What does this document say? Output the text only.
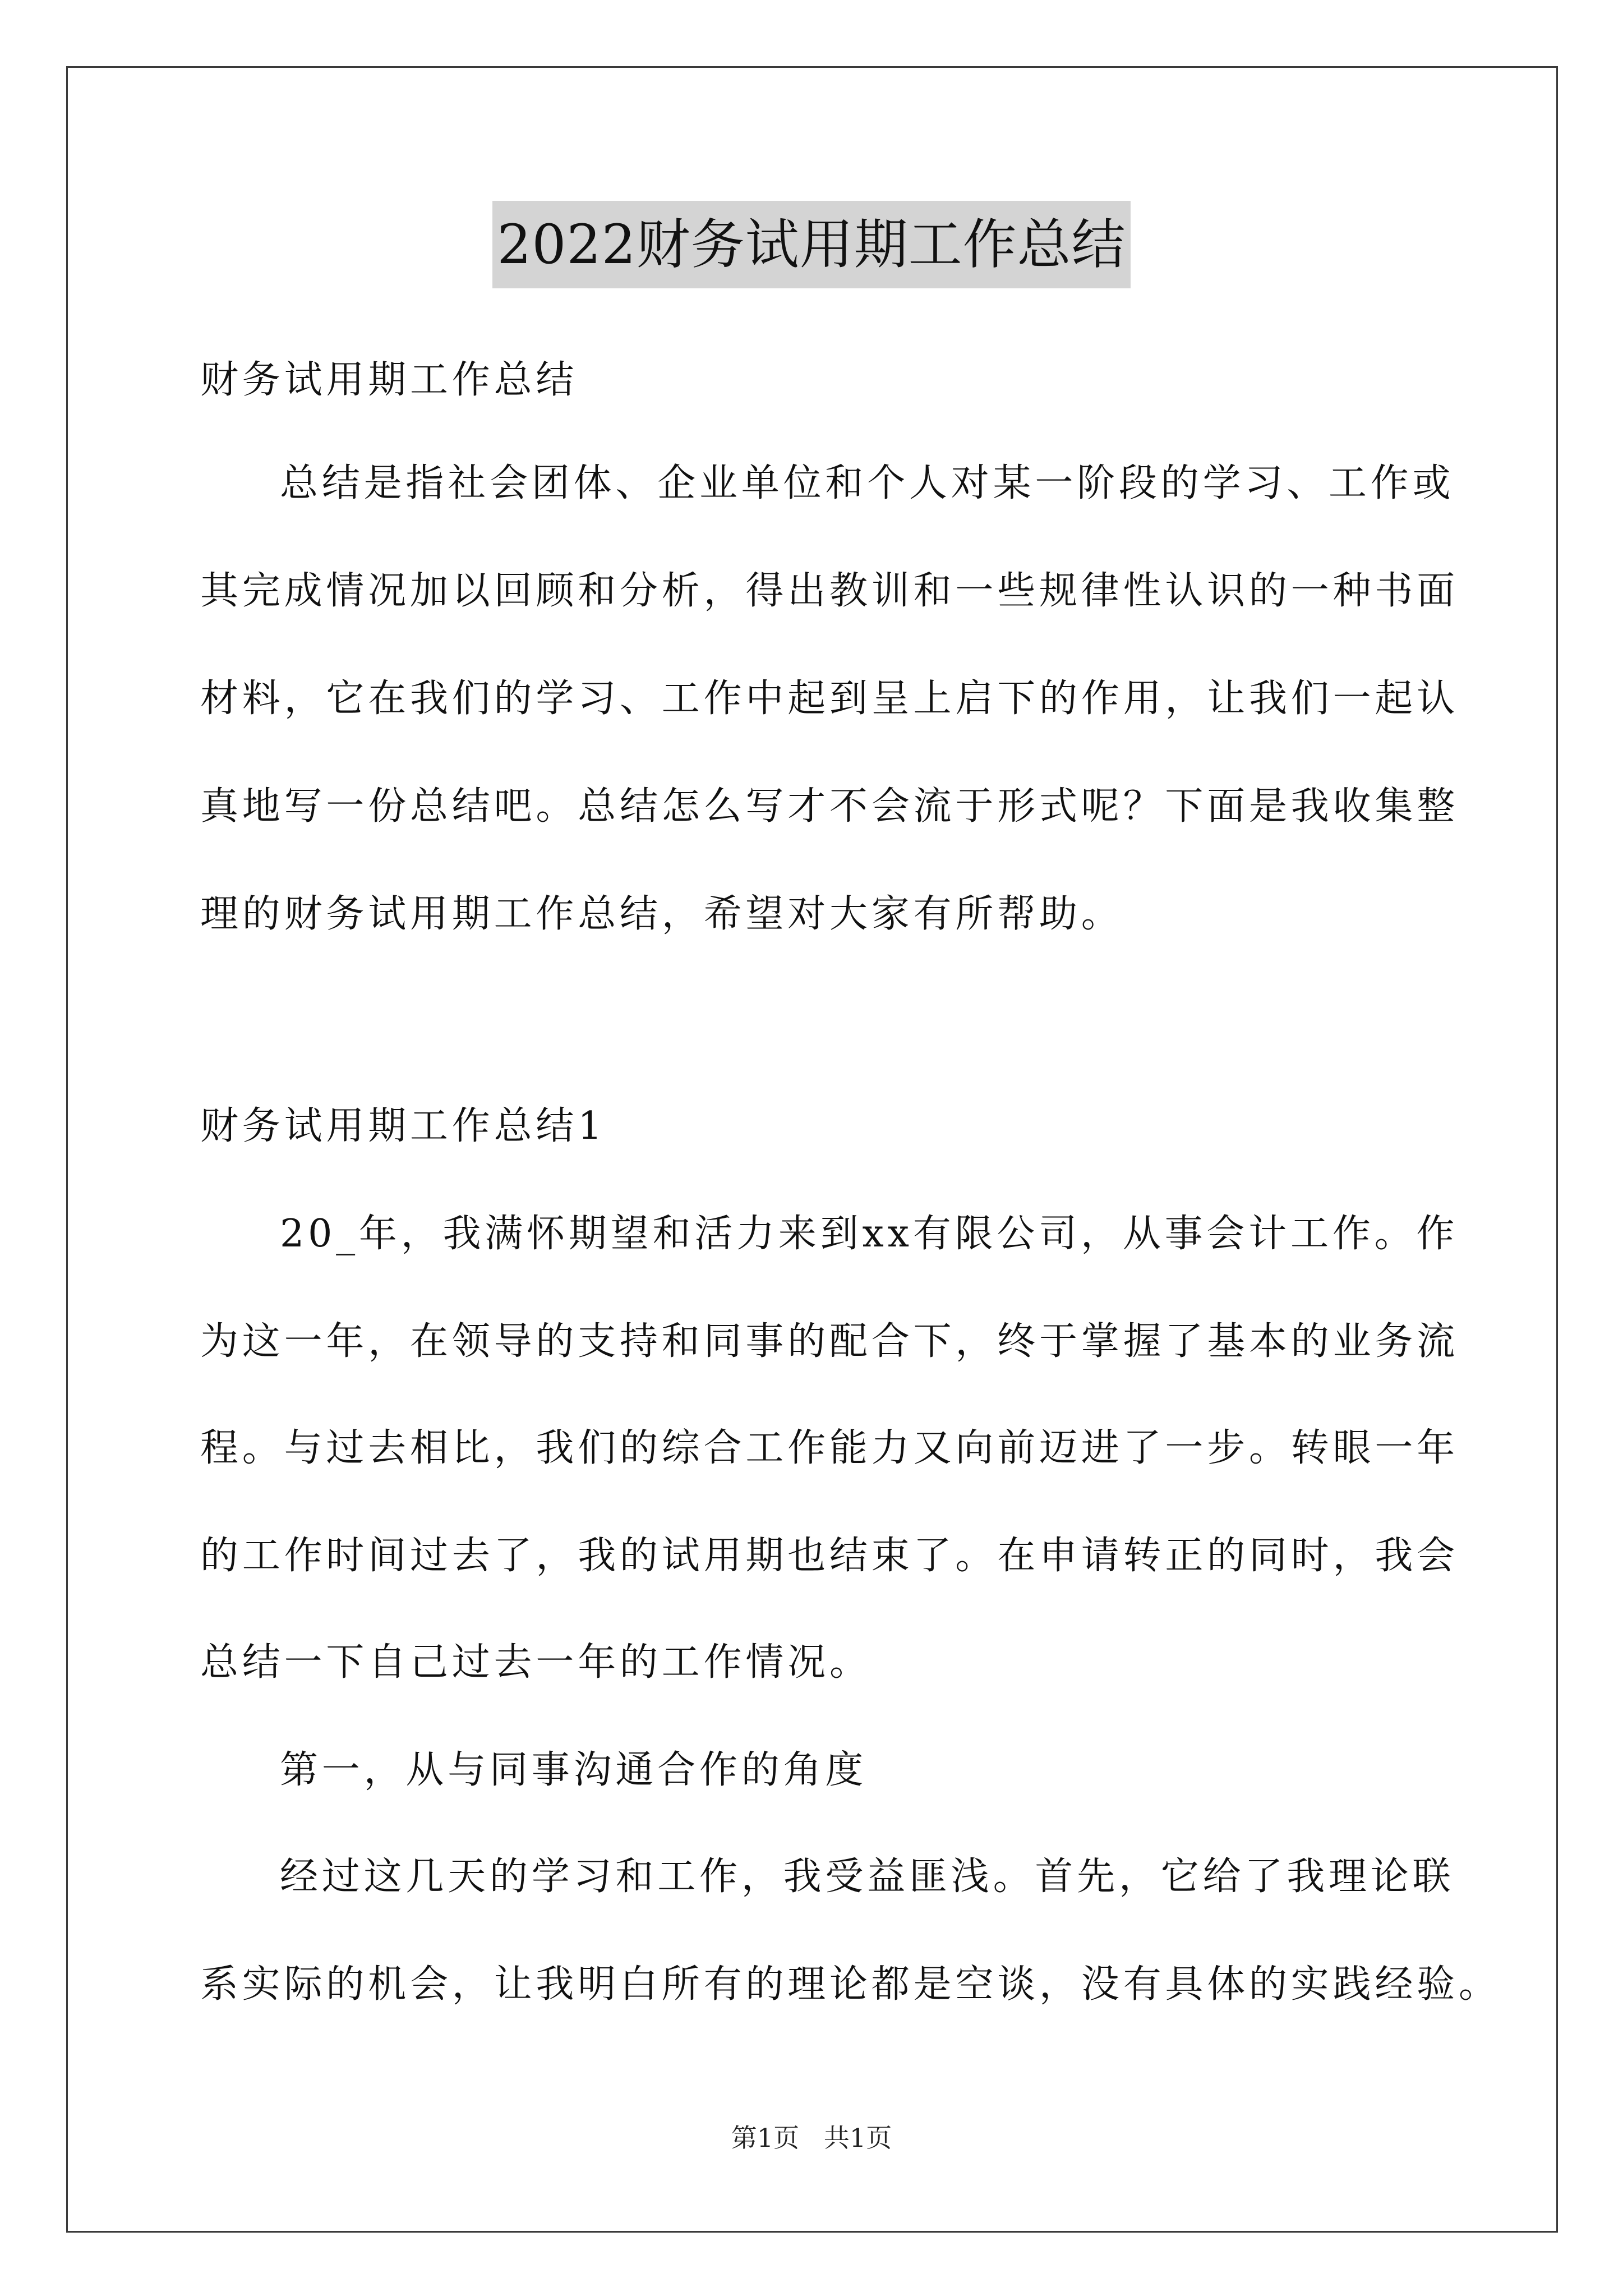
2022财务试用期工作总结
财务试用期工作总结
总结是指社会团体、企业单位和个人对某一阶段的学习、工作或
其完成情况加以回顾和分析，得出教训和一些规律性认识的一种书面
材料，它在我们的学习、工作中起到呈上启下的作用，让我们一起认
真地写一份总结吧。总结怎么写才不会流于形式呢？下面是我收集整
理的财务试用期工作总结，希望对大家有所帮助。
财务试用期工作总结1
20_年，我满怀期望和活力来到xx有限公司，从事会计工作。作
为这一年，在领导的支持和同事的配合下，终于掌握了基本的业务流
程。与过去相比，我们的综合工作能力又向前迈进了一步。转眼一年
的工作时间过去了，我的试用期也结束了。在申请转正的同时，我会
总结一下自己过去一年的工作情况。
第一，从与同事沟通合作的角度
经过这几天的学习和工作，我受益匪浅。首先，它给了我理论联
系实际的机会，让我明白所有的理论都是空谈，没有具体的实践经验。
第1页   共1页
